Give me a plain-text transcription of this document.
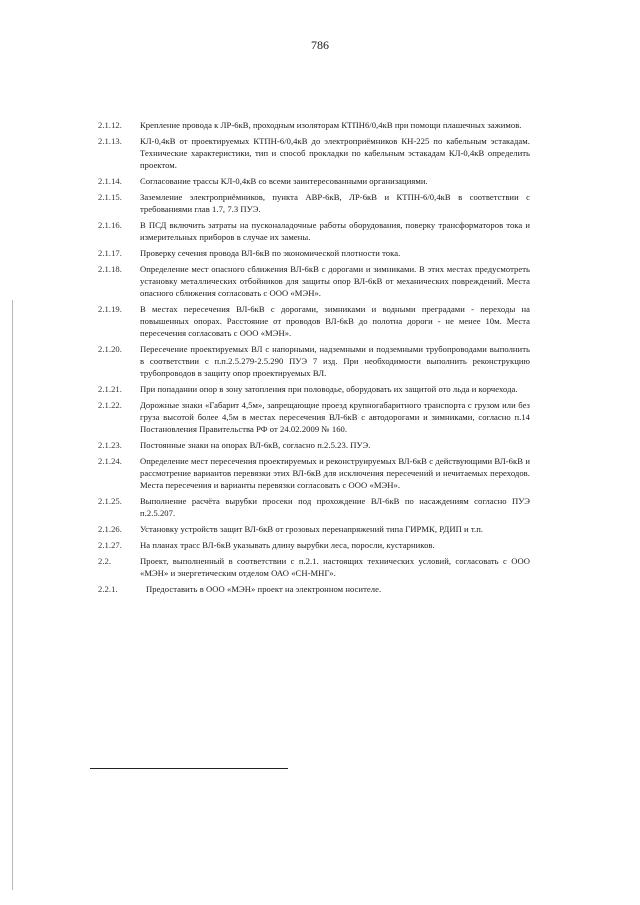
786
2.1.12.	Крепление провода к ЛР-6кВ, проходным изоляторам КТПН6/0,4кВ при помощи плашечных зажимов.
2.1.13.	КЛ-0,4кВ от проектируемых КТПН-6/0,4кВ до электроприёмников КН-225 по кабельным эстакадам. Технические характеристики, тип и способ прокладки по кабельным эстакадам КЛ-0,4кВ определить проектом.
2.1.14.	Согласование трассы КЛ-0,4кВ со всеми заинтересованными организациями.
2.1.15.	Заземление электроприёмников, пункта АВР-6кВ, ЛР-6кВ и КТПН-6/0,4кВ в соответствии с требованиями глав 1.7, 7.3 ПУЭ.
2.1.16.	В ПСД включить затраты на пусконаладочные работы оборудования, поверку трансформаторов тока и измерительных приборов в случае их замены.
2.1.17.	Проверку сечения провода ВЛ-6кВ по экономической плотности тока.
2.1.18.	Определение мест опасного сближения ВЛ-6кВ с дорогами и зимниками. В этих местах предусмотреть установку металлических отбойников для защиты опор ВЛ-6кВ от механических повреждений. Места опасного сближения согласовать с ООО «МЭН».
2.1.19.	В местах пересечения ВЛ-6кВ с дорогами, зимниками и водными преградами - переходы на повышенных опорах. Расстояние от проводов ВЛ-6кВ до полотна дороги - не менее 10м. Места пересечения согласовать с ООО «МЭН».
2.1.20.	Пересечение проектируемых ВЛ с напорными, надземными и подземными трубопроводами выполнить в соответствии с п.п.2.5.279-2.5.290 ПУЭ 7 изд. При необходимости выполнить реконструкцию трубопроводов в защиту опор проектируемых ВЛ.
2.1.21.	При попадании опор в зону затопления при половодье, оборудовать их защитой ото льда и корчехода.
2.1.22.	Дорожные знаки «Габарит 4,5м», запрещающие проезд крупногабаритного транспорта с грузом или без груза высотой более 4,5м в местах пересечения ВЛ-6кВ с автодорогами и зимниками, согласно п.14 Постановления Правительства РФ от 24.02.2009 № 160.
2.1.23.	Постоянные знаки на опорах ВЛ-6кВ, согласно п.2.5.23. ПУЭ.
2.1.24.	Определение мест пересечения проектируемых и реконструируемых ВЛ-6кВ с действующими ВЛ-6кВ и рассмотрение вариантов перевязки этих ВЛ-6кВ для исключения пересечений и нечитаемых переходов. Места пересечения и варианты перевязки согласовать с ООО «МЭН».
2.1.25.	Выполнение расчёта вырубки просеки под прохождение ВЛ-6кВ по насаждениям согласно ПУЭ п.2.5.207.
2.1.26.	Установку устройств защит ВЛ-6кВ от грозовых перенапряжений типа ГИРМК, РДИП и т.п.
2.1.27.	На планах трасс ВЛ-6кВ указывать длину вырубки леса, поросли, кустарников.
2.2.	Проект, выполненный в соответствии с п.2.1. настоящих технических условий, согласовать с ООО «МЭН» и энергетическим отделом ОАО «СН-МНГ».
2.2.1.	Предоставить в ООО «МЭН» проект на электронном носителе.
